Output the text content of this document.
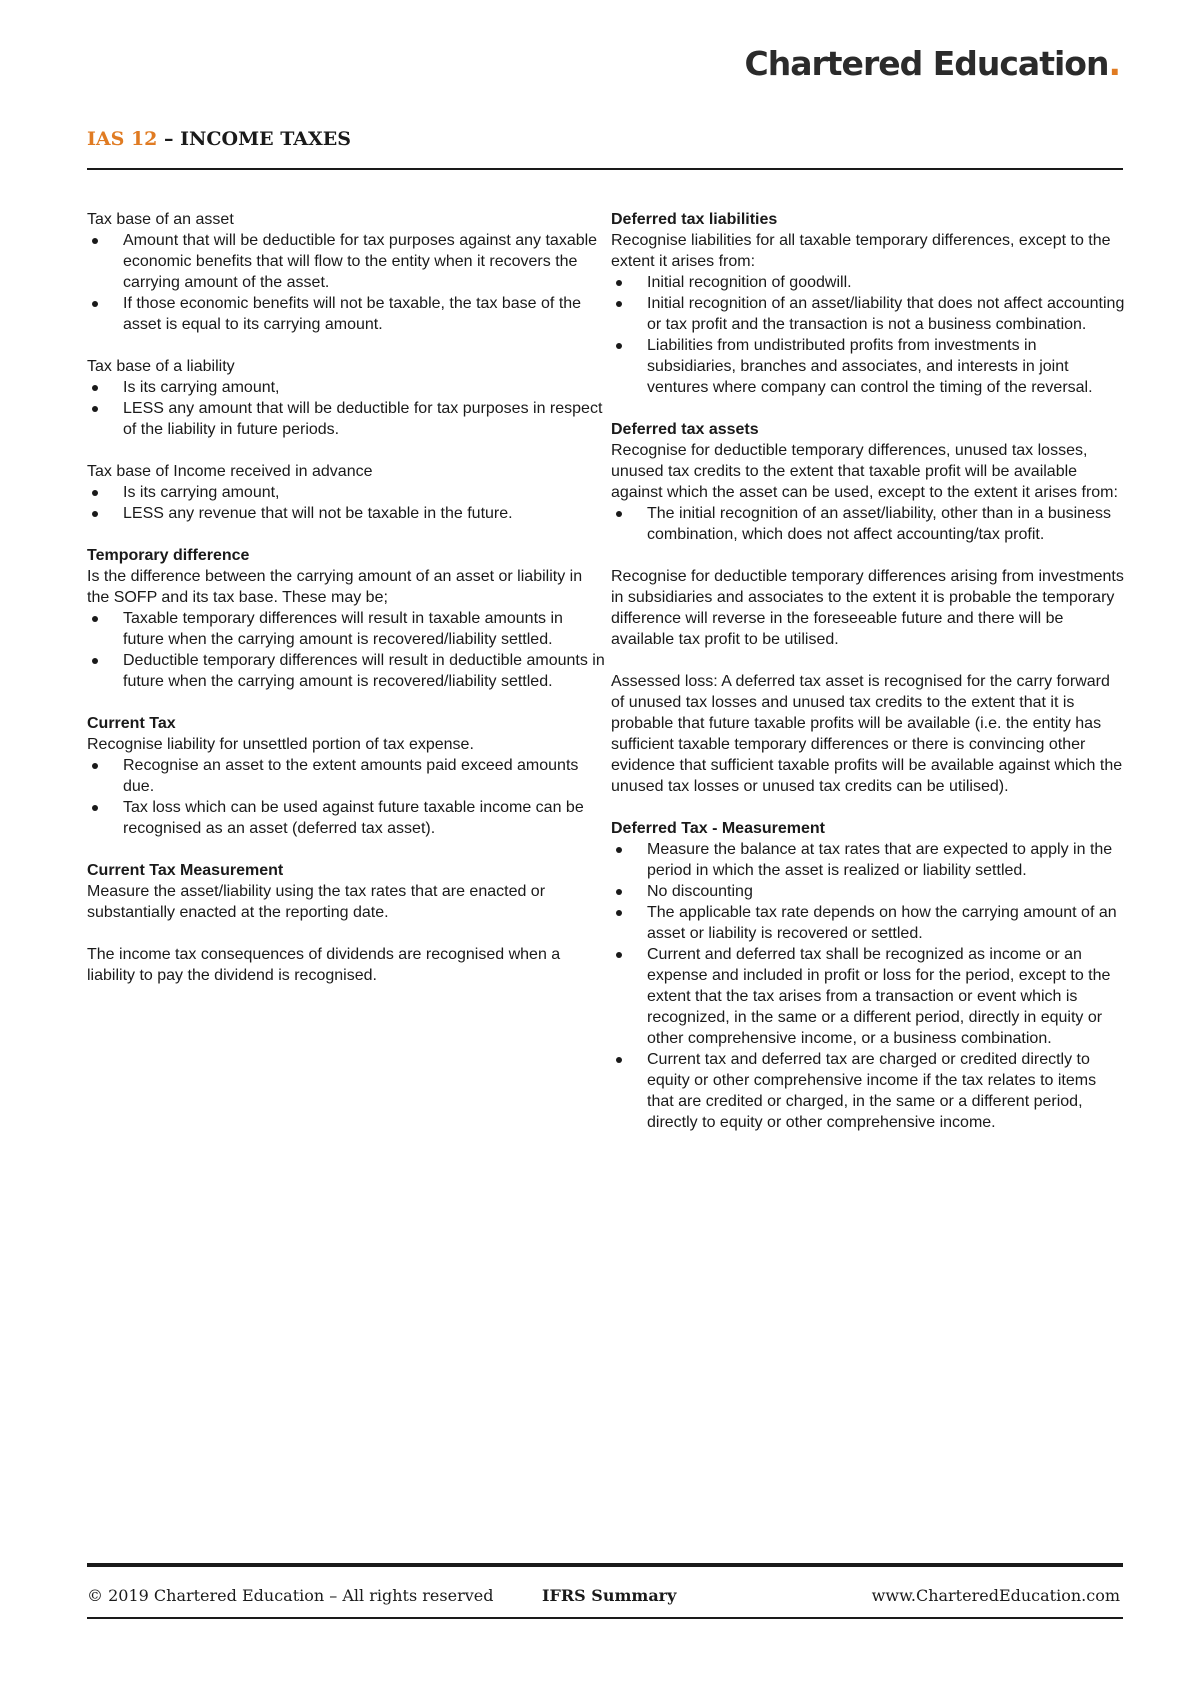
Chartered Education.
IAS 12 – INCOME TAXES
Tax base of an asset
Amount that will be deductible for tax purposes against any taxable economic benefits that will flow to the entity when it recovers the carrying amount of the asset.
If those economic benefits will not be taxable, the tax base of the asset is equal to its carrying amount.
Tax base of a liability
Is its carrying amount,
LESS any amount that will be deductible for tax purposes in respect of the liability in future periods.
Tax base of Income received in advance
Is its carrying amount,
LESS any revenue that will not be taxable in the future.
Temporary difference
Is the difference between the carrying amount of an asset or liability in the SOFP and its tax base. These may be;
Taxable temporary differences will result in taxable amounts in future when the carrying amount is recovered/liability settled.
Deductible temporary differences will result in deductible amounts in future when the carrying amount is recovered/liability settled.
Current Tax
Recognise liability for unsettled portion of tax expense.
Recognise an asset to the extent amounts paid exceed amounts due.
Tax loss which can be used against future taxable income can be recognised as an asset (deferred tax asset).
Current Tax Measurement
Measure the asset/liability using the tax rates that are enacted or substantially enacted at the reporting date.
The income tax consequences of dividends are recognised when a liability to pay the dividend is recognised.
Deferred tax liabilities
Recognise liabilities for all taxable temporary differences, except to the extent it arises from:
Initial recognition of goodwill.
Initial recognition of an asset/liability that does not affect accounting or tax profit and the transaction is not a business combination.
Liabilities from undistributed profits from investments in subsidiaries, branches and associates, and interests in joint ventures where company can control the timing of the reversal.
Deferred tax assets
Recognise for deductible temporary differences, unused tax losses, unused tax credits to the extent that taxable profit will be available against which the asset can be used, except to the extent it arises from:
The initial recognition of an asset/liability, other than in a business combination, which does not affect accounting/tax profit.
Recognise for deductible temporary differences arising from investments in subsidiaries and associates to the extent it is probable the temporary difference will reverse in the foreseeable future and there will be available tax profit to be utilised.
Assessed loss: A deferred tax asset is recognised for the carry forward of unused tax losses and unused tax credits to the extent that it is probable that future taxable profits will be available (i.e. the entity has sufficient taxable temporary differences or there is convincing other evidence that sufficient taxable profits will be available against which the unused tax losses or unused tax credits can be utilised).
Deferred Tax - Measurement
Measure the balance at tax rates that are expected to apply in the period in which the asset is realized or liability settled.
No discounting
The applicable tax rate depends on how the carrying amount of an asset or liability is recovered or settled.
Current and deferred tax shall be recognized as income or an expense and included in profit or loss for the period, except to the extent that the tax arises from a transaction or event which is recognized, in the same or a different period, directly in equity or other comprehensive income, or a business combination.
Current tax and deferred tax are charged or credited directly to equity or other comprehensive income if the tax relates to items that are credited or charged, in the same or a different period, directly to equity or other comprehensive income.
© 2019 Chartered Education – All rights reserved	IFRS Summary	www.CharteredEducation.com
